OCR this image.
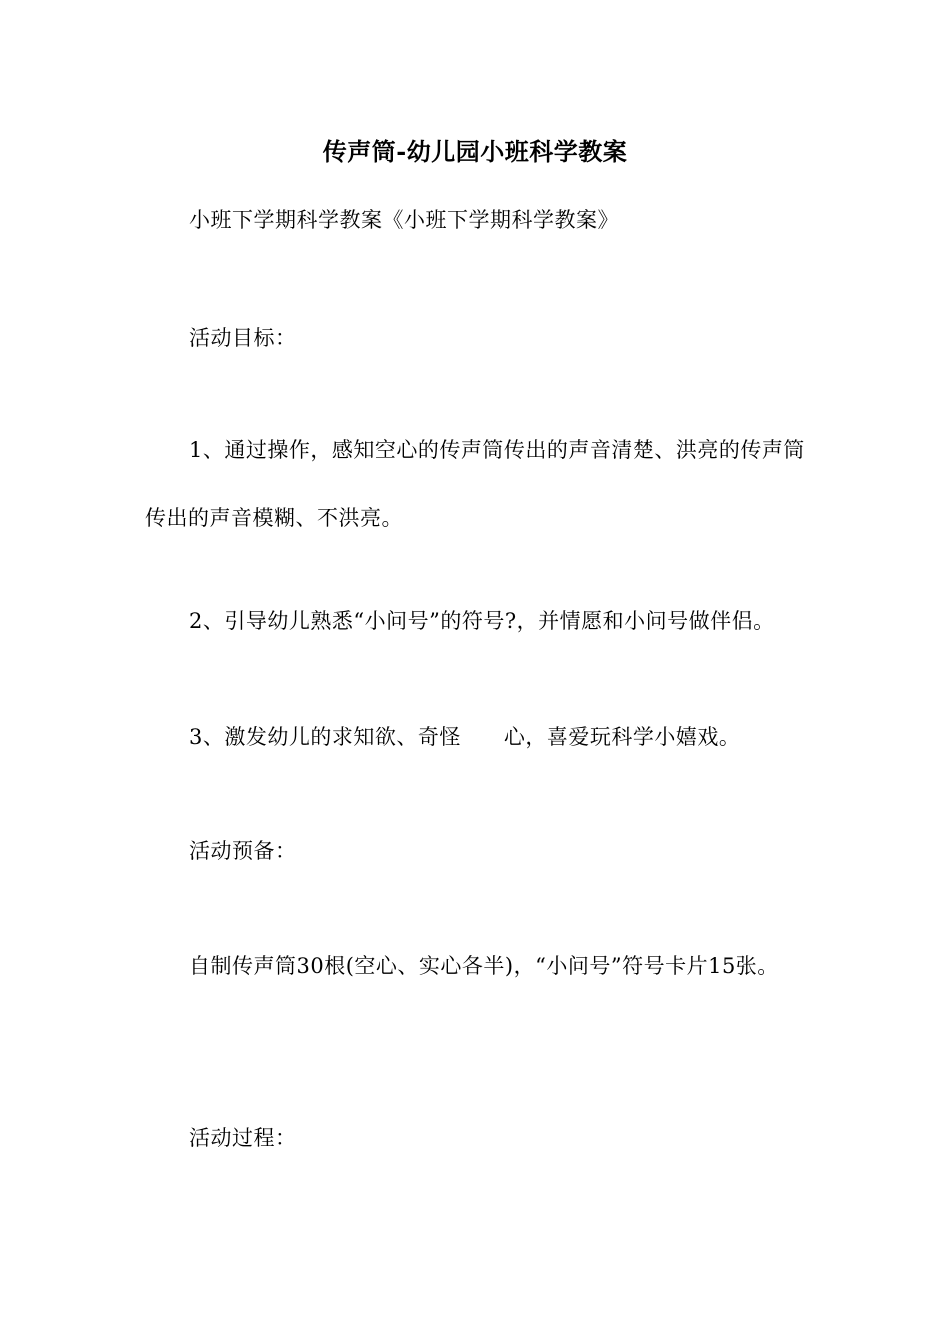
传声筒-幼儿园小班科学教案
小班下学期科学教案《小班下学期科学教案》
活动目标：
1、通过操作，感知空心的传声筒传出的声音清楚、洪亮的传声筒传出的声音模糊、不洪亮。
2、引导幼儿熟悉“小问号”的符号?，并情愿和小问号做伴侣。
3、激发幼儿的求知欲、奇怪　　心，喜爱玩科学小嬉戏。
活动预备：
自制传声筒30根(空心、实心各半)，“小问号”符号卡片15张。
活动过程：
